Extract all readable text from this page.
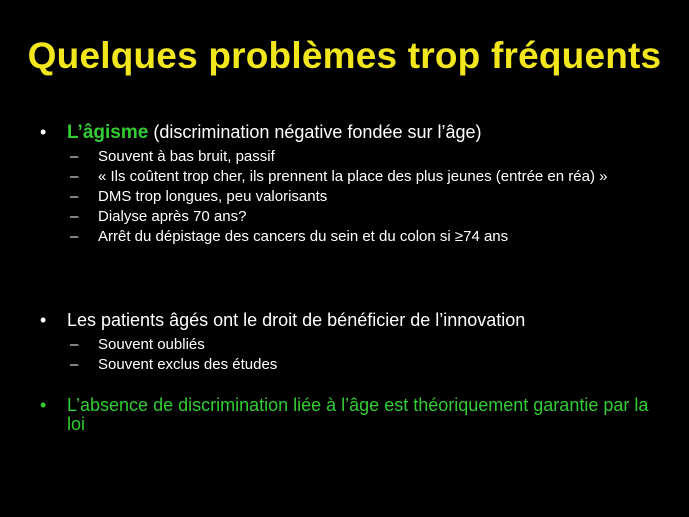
Quelques problèmes trop fréquents
•	L’âgisme (discrimination négative fondée sur l’âge)
–	Souvent à bas bruit, passif
–	« Ils coûtent trop cher, ils prennent la place des plus jeunes (entrée en réa) »
–	DMS trop longues, peu valorisants
–	Dialyse après 70 ans?
–	Arrêt du dépistage des cancers du sein et du colon si ≥74 ans
•	Les patients âgés ont le droit de bénéficier de l’innovation
–	Souvent oubliés
–	Souvent exclus des études
•	L’absence de discrimination liée à l’âge est théoriquement garantie par la loi
